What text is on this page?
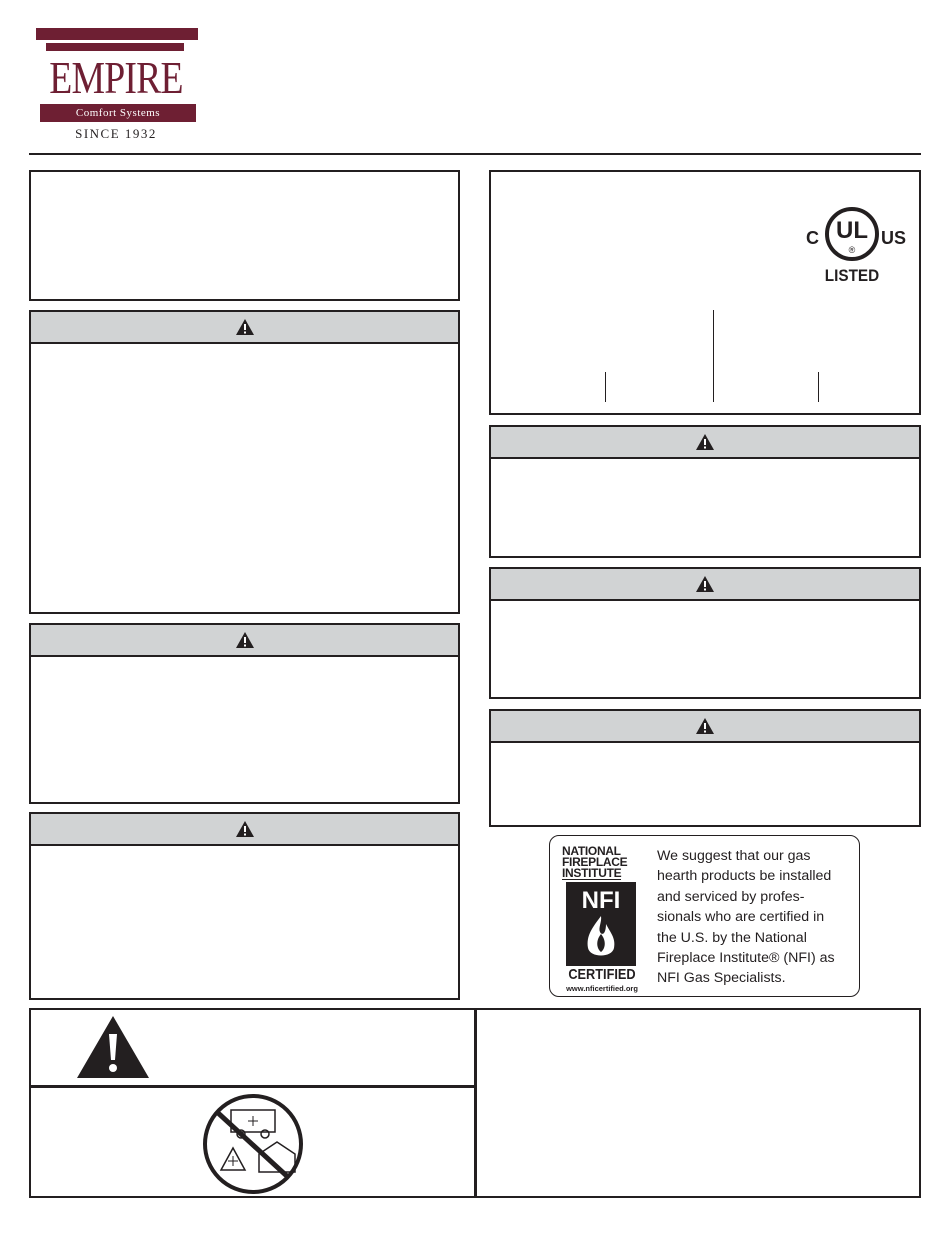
EMPIRE
Comfort Systems
SINCE 1932
C UL
®
US
LISTED
NATIONAL
FIREPLACE
INSTITUTE
NFI
CERTIFIED
www.nficertified.org
We suggest that our gas
hearth products be installed
and serviced by profes-
sionals who are certified in
the U.S. by the National
Fireplace Institute® (NFI) as
NFI Gas Specialists.
